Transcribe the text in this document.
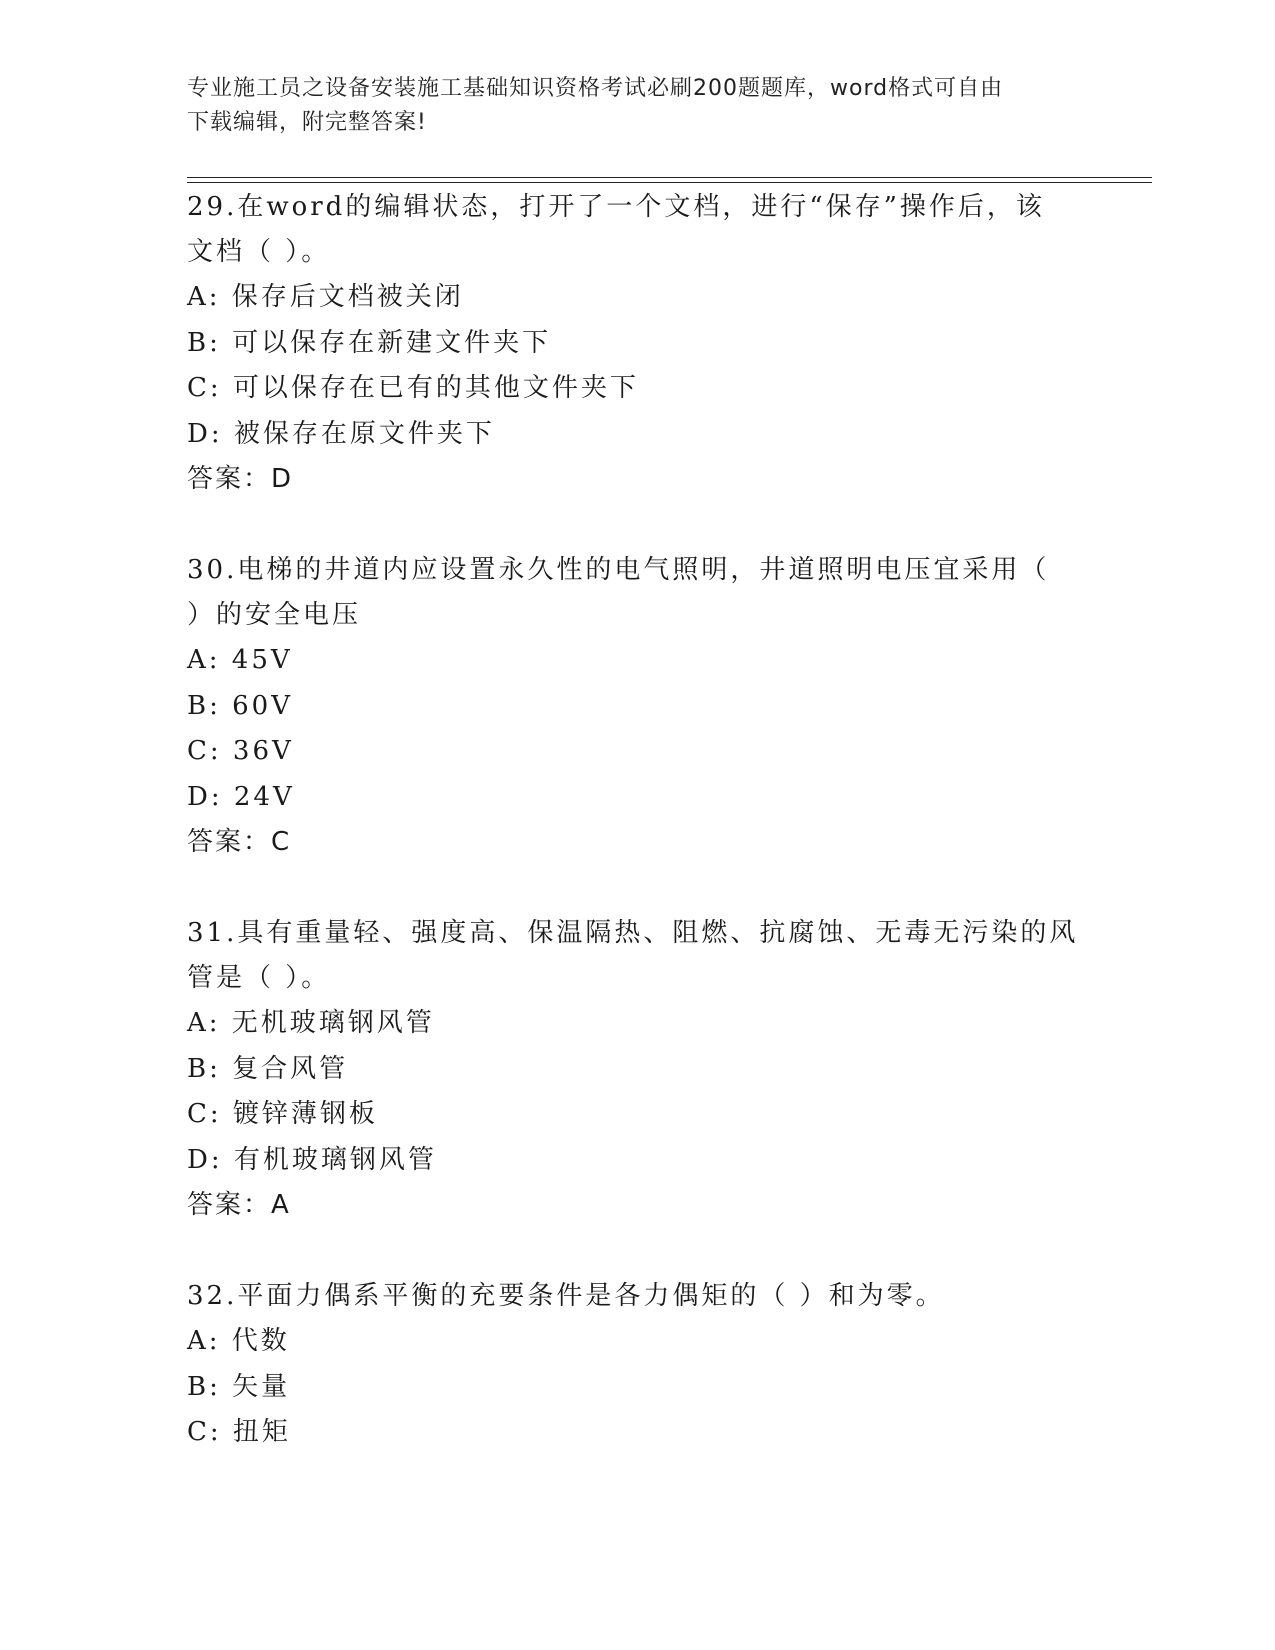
专业施工员之设备安装施工基础知识资格考试必刷200题题库，word格式可自由
下载编辑，附完整答案!

29.在word的编辑状态，打开了一个文档，进行“保存”操作后，该

文档（ ）。

A: 保存后文档被关闭

B: 可以保存在新建文件夹下

C: 可以保存在已有的其他文件夹下

D: 被保存在原文件夹下

答案：D

30.电梯的井道内应设置永久性的电气照明，井道照明电压宜采用（

）的安全电压

A: 45V

B: 60V

C: 36V

D: 24V

答案：C

31.具有重量轻、强度高、保温隔热、阻燃、抗腐蚀、无毒无污染的风

管是（ ）。

A: 无机玻璃钢风管

B: 复合风管

C: 镀锌薄钢板

D: 有机玻璃钢风管

答案：A

32.平面力偶系平衡的充要条件是各力偶矩的（ ）和为零。

A: 代数

B: 矢量

C: 扭矩
